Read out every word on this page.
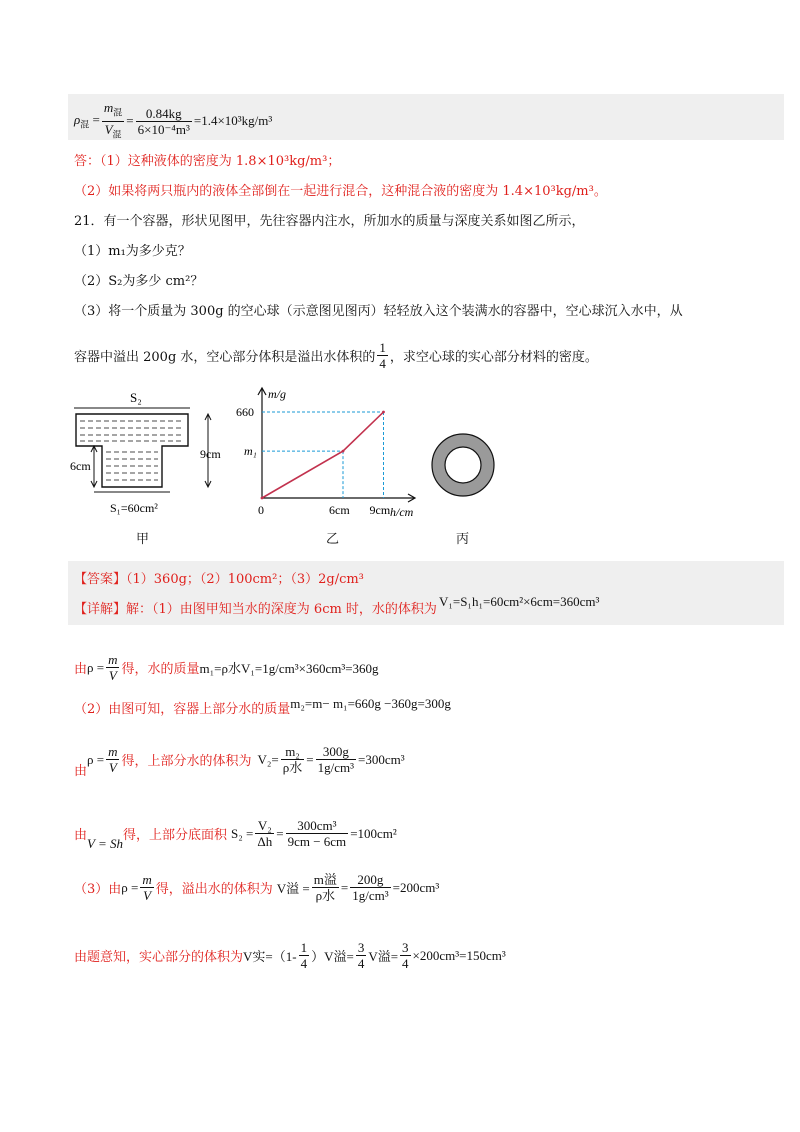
$\rho_混 = \frac{m_混}{V_混} = \frac{0.84kg}{\text{6×10⁻⁴m³}} =1.4\times 10^3kg/m^3$
答：（1）这种液体的密度为 1.8×10³kg/m³；
（2）如果将两只瓶内的液体全部倒在一起进行混合，这种混合液的密度为 1.4×10³kg/m³。
21．有一个容器，形状见图甲，先往容器内注水，所加水的质量与深度关系如图乙所示，
（1）m₁为多少克？
（2）S₂为多少 cm²？
（3）将一个质量为 300g 的空心球（示意图见图丙）轻轻放入这个装满水的容器中，空心球沉入水中，从
容器中溢出 200g 水，空心部分体积是溢出水体积的 $\frac{1}{4}$ ，求空心球的实心部分材料的密度。
S₂
9cm
6cm
S₁=60cm²
甲
m/g
h/cm
0	6cm 9cm
m₁
660
乙	丙
【答案】（1）360g；（2）100cm²；（3）2g/cm³
【详解】 解：（1）由图甲知当水的深度为 6cm 时，水的体积为
V₁=S₁h₁=60cm²×6cm=360cm³
由 $\rho = \frac{m}{V}$ 得，水的质量 m₁=ρ水V₁=1g/cm³×360cm³=360g
（2）由图可知，容器上部分水的质量 m₂=m− m₁=660g −360g=300g
由
$\rho = \frac{m}{V}$ 得，上部分水的体积为 $V_2= \frac{\text{m₂}}{\text{ρ水}} = \frac{300g}{\text{1g/cm³}} =300cm^3$
由 V = Sh 得，上部分底面积 $S_2 = \frac{\text{V₂}}{\Delta h} = \frac{\text{300cm³}}{9cm - 6cm} =100cm^2$
（3）由 $\rho = \frac{m}{V}$ 得，溢出水的体积为 V溢 = $\frac{\text{m溢}}{\text{ρ水}} = \frac{200g}{\text{1g/cm³}} =200cm^3$
由题意知，实心部分的体积为 V实$=(1- \frac{1}{4} )V$溢= $\frac{3}{4}$ V溢= $\frac{3}{4} \times 200cm^3=150cm^3$
